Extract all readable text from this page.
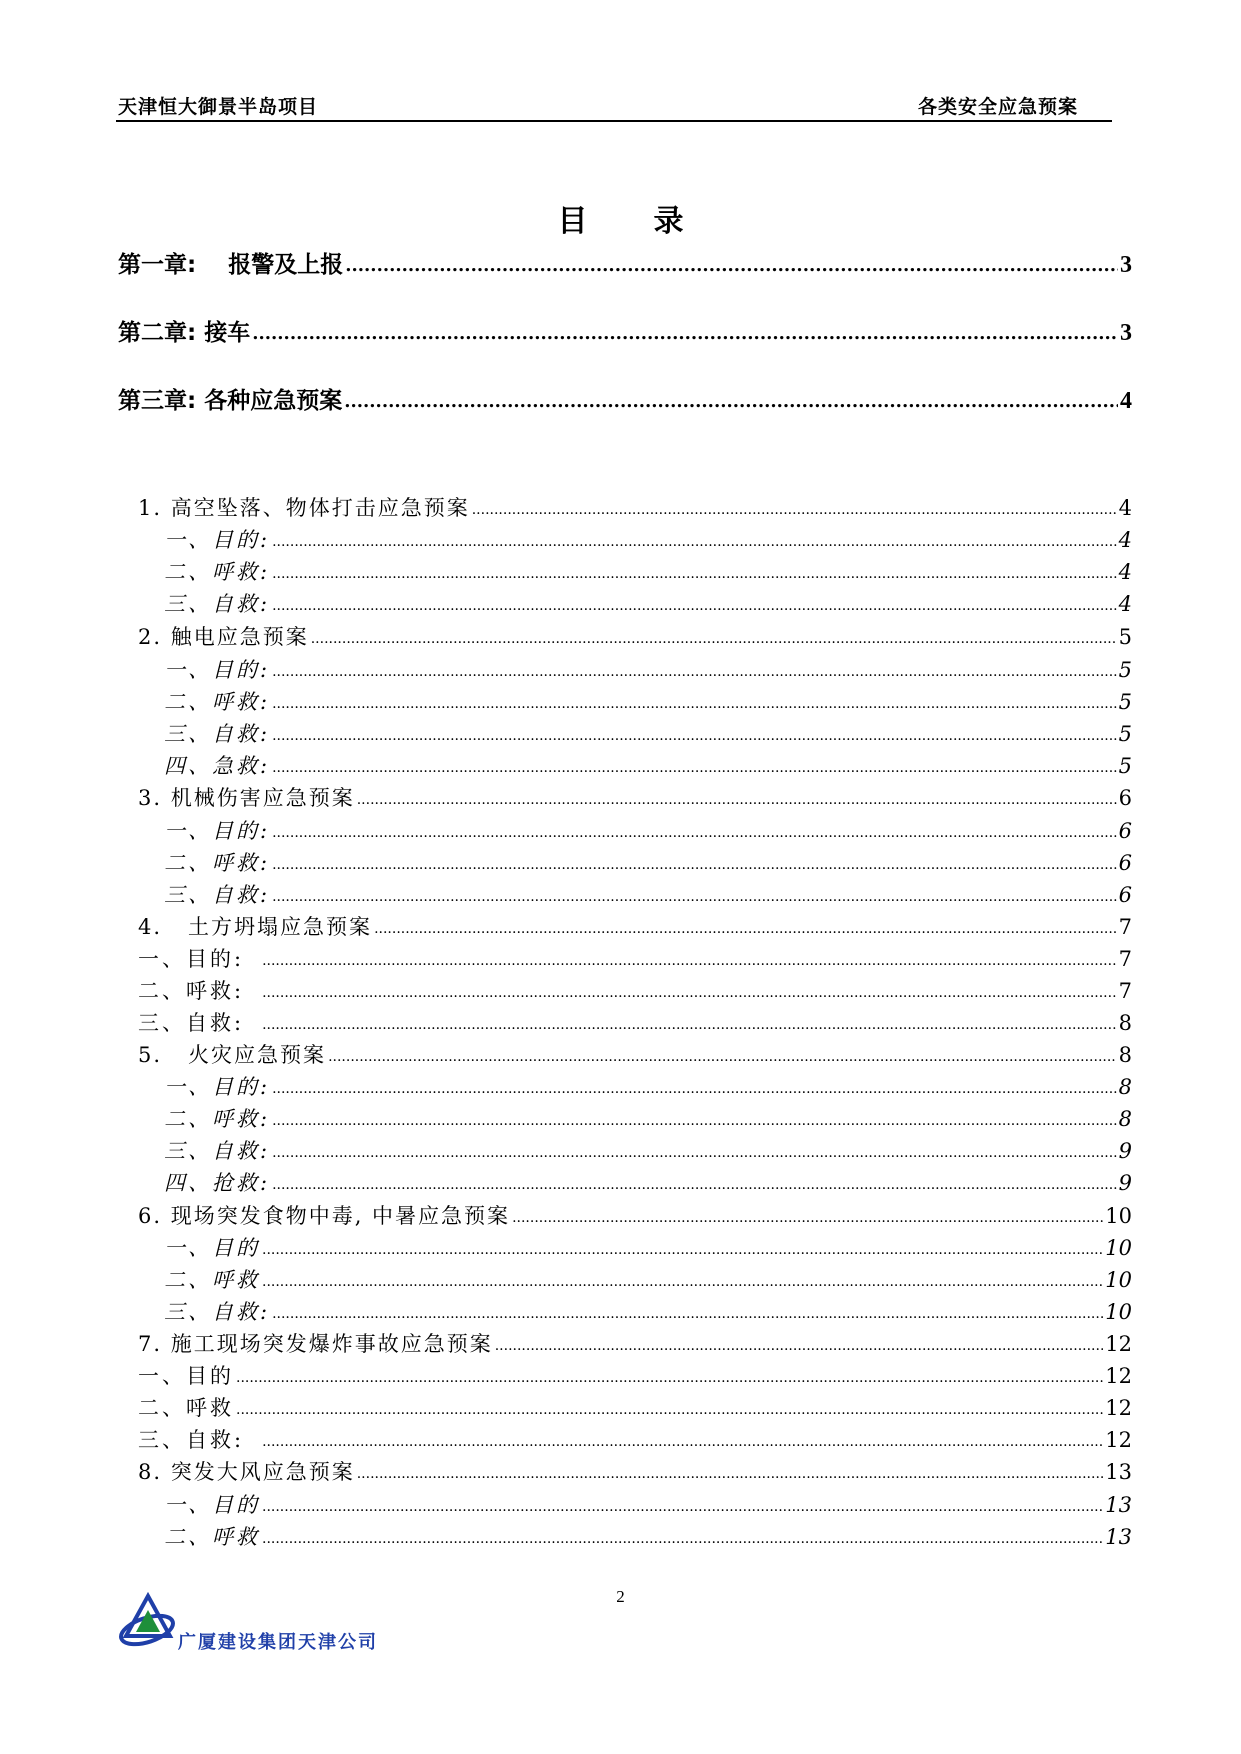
天津恒大御景半岛项目	各类安全应急预案
目录
第一章:    报警及上报 .....	3
第二章: 接车 .....	3
第三章: 各种应急预案 .....	4
1. 高空坠落、物体打击应急预案 .....	4
一、目的: .....	4
二、呼救: .....	4
三、自救: .....	4
2. 触电应急预案 .....	5
一、目的: .....	5
二、呼救: .....	5
三、自救: .....	5
四、急救: .....	5
3. 机械伤害应急预案 .....	6
一、目的: .....	6
二、呼救: .....	6
三、自救: .....	6
4.   土方坍塌应急预案 .....	7
一、目的: .....	7
二、呼救: .....	7
三、自救: .....	8
5.   火灾应急预案 .....	8
一、目的: .....	8
二、呼救: .....	8
三、自救: .....	9
四、抢救: .....	9
6. 现场突发食物中毒, 中暑应急预案 .....	10
一、目的 .....	10
二、呼救 .....	10
三、自救: .....	10
7. 施工现场突发爆炸事故应急预案 .....	12
一、目的 .....	12
二、呼救 .....	12
三、自救: .....	12
8. 突发大风应急预案 .....	13
一、目的 .....	13
二、呼救 .....	13
2
广厦建设集团天津公司
